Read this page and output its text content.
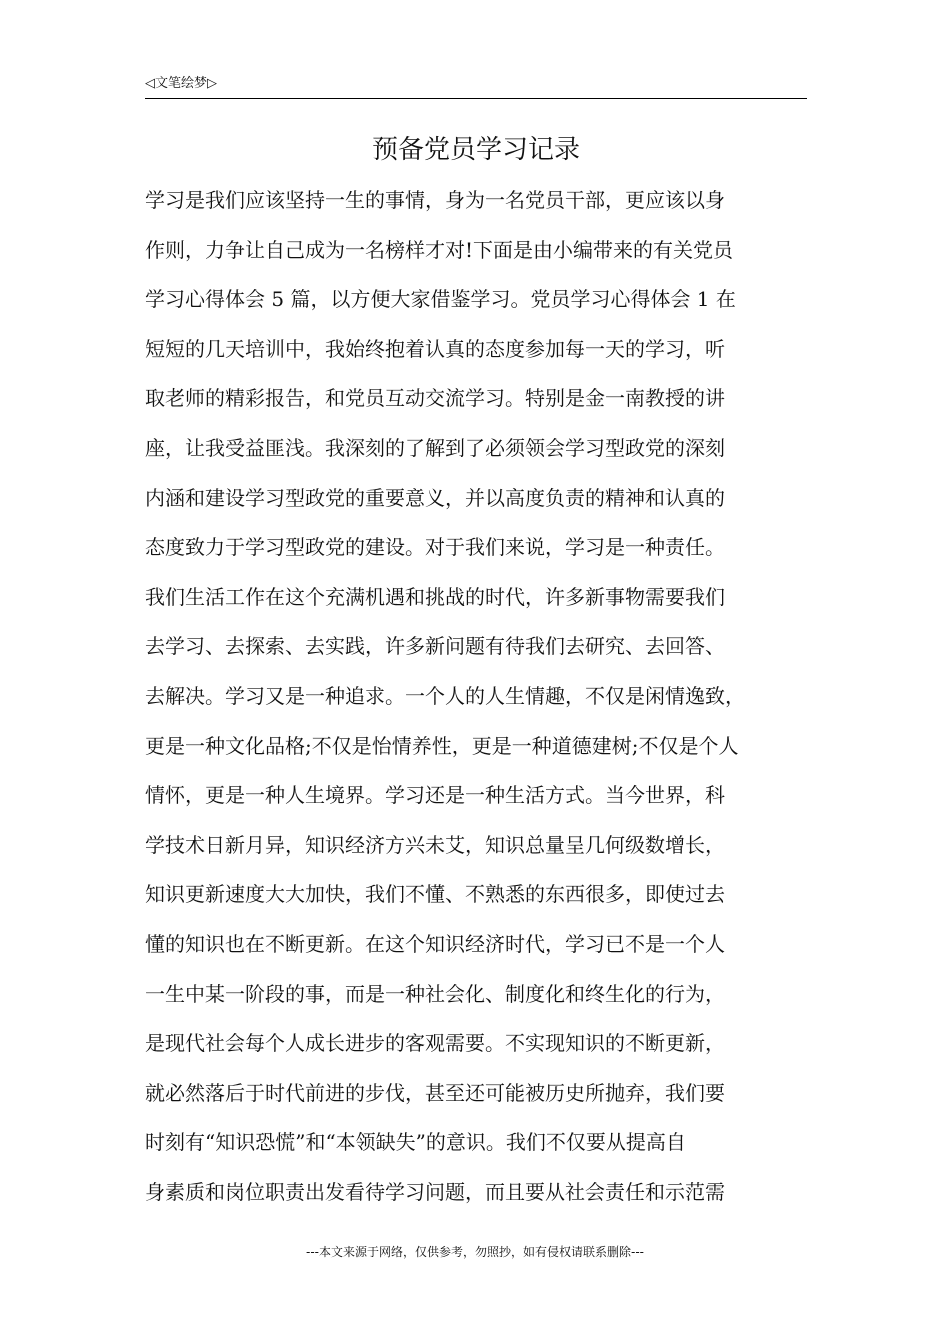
◁文笔绘梦▷
预备党员学习记录
学习是我们应该坚持一生的事情，身为一名党员干部，更应该以身
作则，力争让自己成为一名榜样才对!下面是由小编带来的有关党员
学习心得体会 5 篇，以方便大家借鉴学习。党员学习心得体会 1 在
短短的几天培训中，我始终抱着认真的态度参加每一天的学习，听
取老师的精彩报告，和党员互动交流学习。特别是金一南教授的讲
座，让我受益匪浅。我深刻的了解到了必须领会学习型政党的深刻
内涵和建设学习型政党的重要意义，并以高度负责的精神和认真的
态度致力于学习型政党的建设。对于我们来说，学习是一种责任。
我们生活工作在这个充满机遇和挑战的时代，许多新事物需要我们
去学习、去探索、去实践，许多新问题有待我们去研究、去回答、
去解决。学习又是一种追求。一个人的人生情趣，不仅是闲情逸致，
更是一种文化品格;不仅是怡情养性，更是一种道德建树;不仅是个人
情怀，更是一种人生境界。学习还是一种生活方式。当今世界，科
学技术日新月异，知识经济方兴未艾，知识总量呈几何级数增长，
知识更新速度大大加快，我们不懂、不熟悉的东西很多，即使过去
懂的知识也在不断更新。在这个知识经济时代，学习已不是一个人
一生中某一阶段的事，而是一种社会化、制度化和终生化的行为，
是现代社会每个人成长进步的客观需要。不实现知识的不断更新，
就必然落后于时代前进的步伐，甚至还可能被历史所抛弃，我们要
时刻有“知识恐慌”和“本领缺失”的意识。我们不仅要从提高自
身素质和岗位职责出发看待学习问题，而且要从社会责任和示范需
---本文来源于网络，仅供参考，勿照抄，如有侵权请联系删除---
